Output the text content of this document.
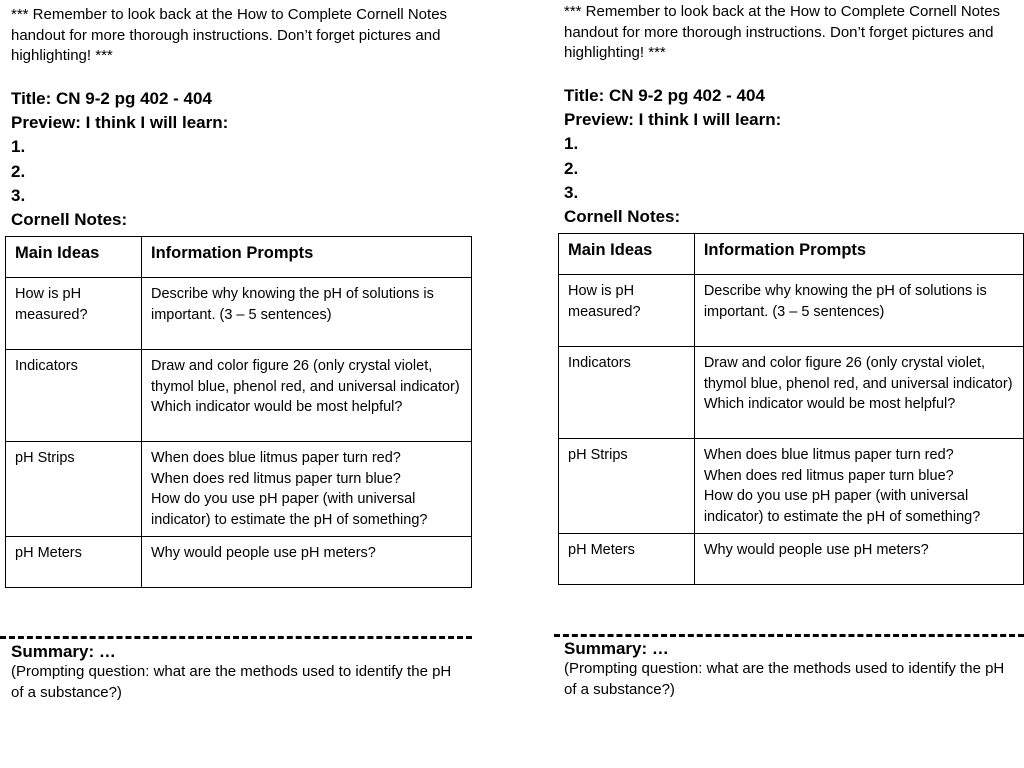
*** Remember to look back at the How to Complete Cornell Notes handout for more thorough instructions. Don’t forget pictures and highlighting! ***

Title: CN 9-2 pg 402 - 404
Preview: I think I will learn:
1.
2.
3.
Cornell Notes:
Main Ideas	Information Prompts
How is pH measured?	Describe why knowing the pH of solutions is important. (3 – 5 sentences)

Indicators	Draw and color figure 26 (only crystal violet, thymol blue, phenol red, and universal indicator)
Which indicator would be most helpful?

pH Strips	When does blue litmus paper turn red?
When does red litmus paper turn blue?
How do you use pH paper (with universal indicator) to estimate the pH of something?

pH Meters	Why would people use pH meters?
Summary: …
(Prompting question: what are the methods used to identify the pH of a substance?)

*** Remember to look back at the How to Complete Cornell Notes handout for more thorough instructions. Don’t forget pictures and highlighting! ***

Title: CN 9-2 pg 402 - 404
Preview: I think I will learn:
1.
2.
3.
Cornell Notes:
Main Ideas	Information Prompts
How is pH measured?	Describe why knowing the pH of solutions is important. (3 – 5 sentences)

Indicators	Draw and color figure 26 (only crystal violet, thymol blue, phenol red, and universal indicator)
Which indicator would be most helpful?

pH Strips	When does blue litmus paper turn red?
When does red litmus paper turn blue?
How do you use pH paper (with universal indicator) to estimate the pH of something?

pH Meters	Why would people use pH meters?
Summary: …
(Prompting question: what are the methods used to identify the pH of a substance?)
